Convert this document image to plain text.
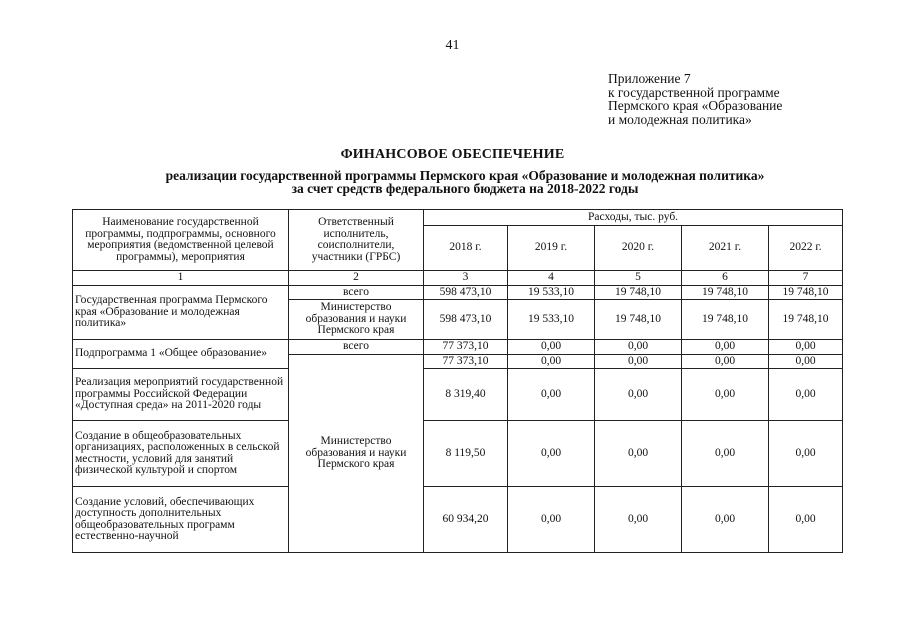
41
Приложение 7
к государственной программе
Пермского края «Образование
и молодежная политика»
ФИНАНСОВОЕ ОБЕСПЕЧЕНИЕ
реализации государственной программы Пермского края «Образование и молодежная политика»
за счет средств федерального бюджета на 2018-2022 годы
Наименование государственной программы, подпрограммы, основного мероприятия (ведомственной целевой программы), мероприятия	Ответственный исполнитель, соисполнители, участники (ГРБС)	Расходы, тыс. руб.				
		2018 г.	2019 г.	2020 г.	2021 г.	2022 г.
1	2	3	4	5	6	7
Государственная программа Пермского края «Образование и молодежная политика»	всего	598 473,10	19 533,10	19 748,10	19 748,10	19 748,10
	Министерство образования и науки Пермского края	598 473,10	19 533,10	19 748,10	19 748,10	19 748,10
Подпрограмма 1 «Общее образование»	всего	77 373,10	0,00	0,00	0,00	0,00
	Министерство образования и науки Пермского края	77 373,10	0,00	0,00	0,00	0,00
Реализация мероприятий государственной программы Российской Федерации «Доступная среда» на 2011-2020 годы		8 319,40	0,00	0,00	0,00	0,00
Создание в общеобразовательных организациях, расположенных в сельской местности, условий для занятий физической культурой и спортом		8 119,50	0,00	0,00	0,00	0,00
Создание условий, обеспечивающих доступность дополнительных общеобразовательных программ естественно-научной		60 934,20	0,00	0,00	0,00	0,00
